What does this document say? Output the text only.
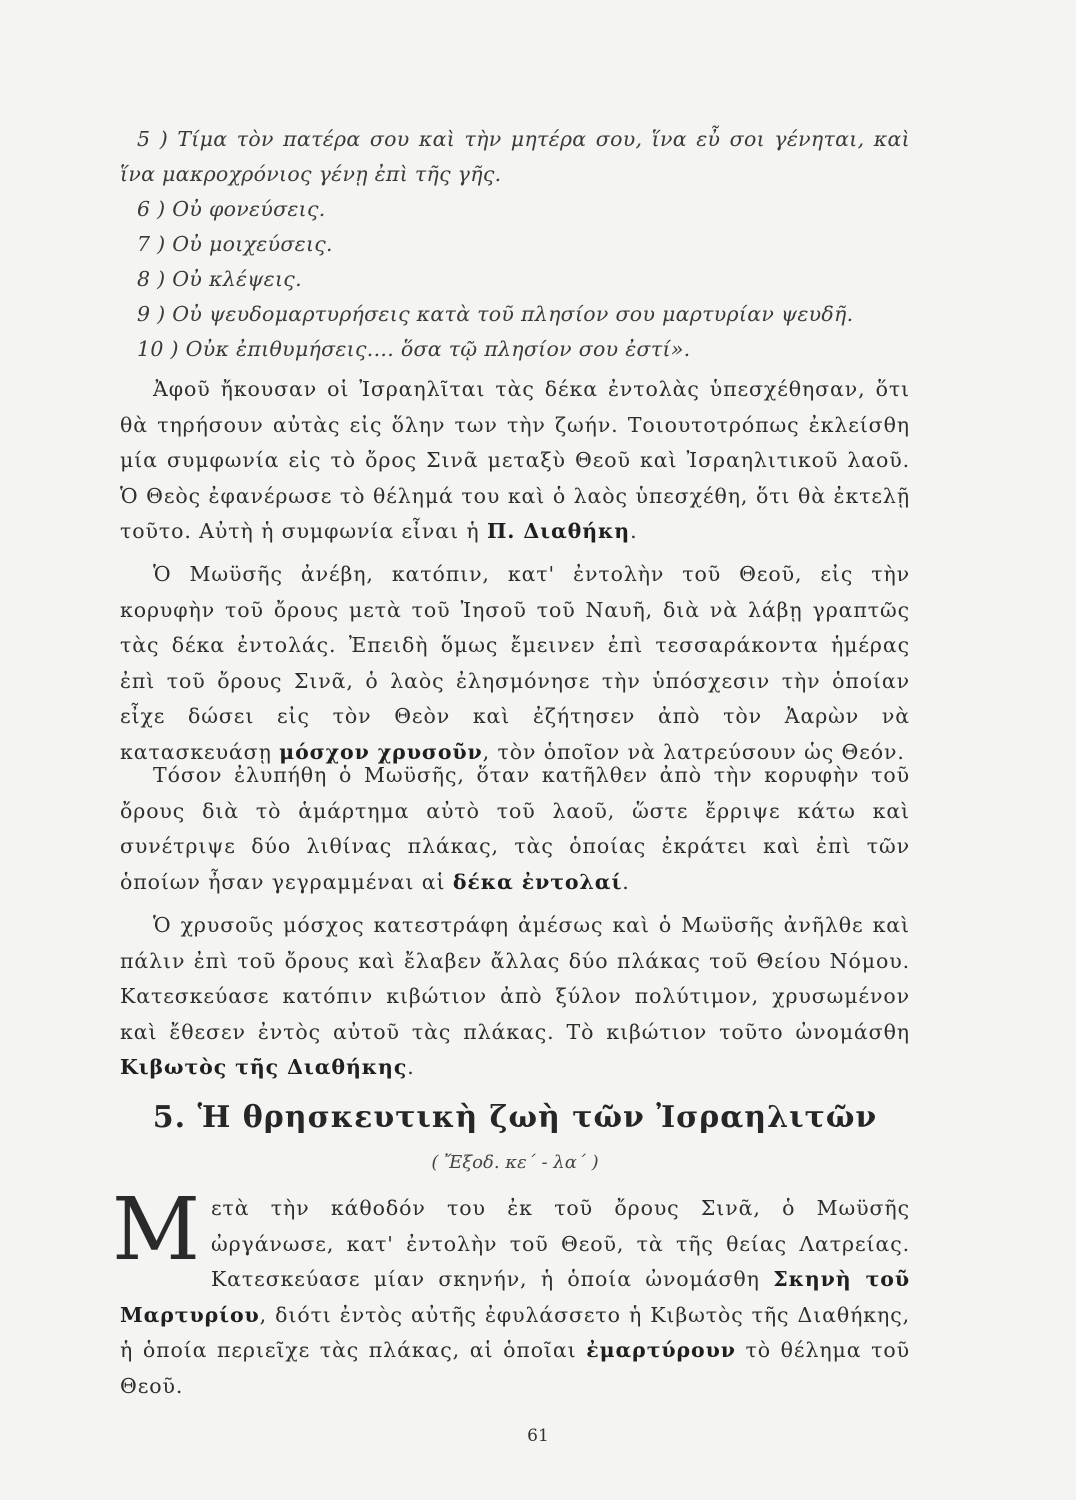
5 ) Τίμα τὸν πατέρα σου καὶ τὴν μητέρα σου, ἵνα εὖ σοι γένηται, καὶ ἵνα μακροχρόνιος γένῃ ἐπὶ τῆς γῆς.

6 ) Οὐ φονεύσεις.

7 ) Οὐ μοιχεύσεις.

8 ) Οὐ κλέψεις.

9 ) Οὐ ψευδομαρτυρήσεις κατὰ τοῦ πλησίον σου μαρτυρίαν ψευδῆ.

10 ) Οὐκ ἐπιθυμήσεις.... ὅσα τῷ πλησίον σου ἐστί».

Ἀφοῦ ἤκουσαν οἱ Ἰσραηλῖται τὰς δέκα ἐντολὰς ὑπεσχέθησαν, ὅτι θὰ τηρήσουν αὐτὰς εἰς ὅλην των τὴν ζωήν. Τοιουτοτρόπως ἐκλείσθη μία συμφωνία εἰς τὸ ὄρος Σινᾶ μεταξὺ Θεοῦ καὶ Ἰσραηλιτικοῦ λαοῦ. Ὁ Θεὸς ἐφανέρωσε τὸ θέλημά του καὶ ὁ λαὸς ὑπεσχέθη, ὅτι θὰ ἐκτελῇ τοῦτο. Αὐτὴ ἡ συμφωνία εἶναι ἡ Π. Διαθήκη.

Ὁ Μωϋσῆς ἀνέβη, κατόπιν, κατ' ἐντολὴν τοῦ Θεοῦ, εἰς τὴν κορυφὴν τοῦ ὄρους μετὰ τοῦ Ἰησοῦ τοῦ Ναυῆ, διὰ νὰ λάβῃ γραπτῶς τὰς δέκα ἐντολάς. Ἐπειδὴ ὅμως ἔμεινεν ἐπὶ τεσσαράκοντα ἡμέρας ἐπὶ τοῦ ὄρους Σινᾶ, ὁ λαὸς ἐλησμόνησε τὴν ὑπόσχεσιν τὴν ὁποίαν εἶχε δώσει εἰς τὸν Θεὸν καὶ ἐζήτησεν ἀπὸ τὸν Ἀαρὼν νὰ κατασκευάσῃ μόσχον χρυσοῦν, τὸν ὁποῖον νὰ λατρεύσουν ὡς Θεόν.

Τόσον ἐλυπήθη ὁ Μωϋσῆς, ὅταν κατῆλθεν ἀπὸ τὴν κορυφὴν τοῦ ὄρους διὰ τὸ ἁμάρτημα αὐτὸ τοῦ λαοῦ, ὥστε ἔρριψε κάτω καὶ συνέτριψε δύο λιθίνας πλάκας, τὰς ὁποίας ἐκράτει καὶ ἐπὶ τῶν ὁποίων ἦσαν γεγραμμέναι αἱ δέκα ἐντολαί.

Ὁ χρυσοῦς μόσχος κατεστράφη ἀμέσως καὶ ὁ Μωϋσῆς ἀνῆλθε καὶ πάλιν ἐπὶ τοῦ ὄρους καὶ ἔλαβεν ἄλλας δύο πλάκας τοῦ Θείου Νόμου. Κατεσκεύασε κατόπιν κιβώτιον ἀπὸ ξύλον πολύτιμον, χρυσωμένον καὶ ἔθεσεν ἐντὸς αὐτοῦ τὰς πλάκας. Τὸ κιβώτιον τοῦτο ὠνομάσθη Κιβωτὸς τῆς Διαθήκης.

5. Ἡ θρησκευτικὴ ζωὴ τῶν Ἰσραηλιτῶν

( Ἔξοδ. κε΄ - λα΄ )

Μετὰ τὴν κάθοδόν του ἐκ τοῦ ὄρους Σινᾶ, ὁ Μωϋσῆς ὠργάνωσε, κατ' ἐντολὴν τοῦ Θεοῦ, τὰ τῆς θείας Λατρείας. Κατεσκεύασε μίαν σκηνήν, ἡ ὁποία ὠνομάσθη Σκηνὴ τοῦ Μαρτυρίου, διότι ἐντὸς αὐτῆς ἐφυλάσσετο ἡ Κιβωτὸς τῆς Διαθήκης, ἡ ὁποία περιεῖχε τὰς πλάκας, αἱ ὁποῖαι ἐμαρτύρουν τὸ θέλημα τοῦ Θεοῦ.

61
